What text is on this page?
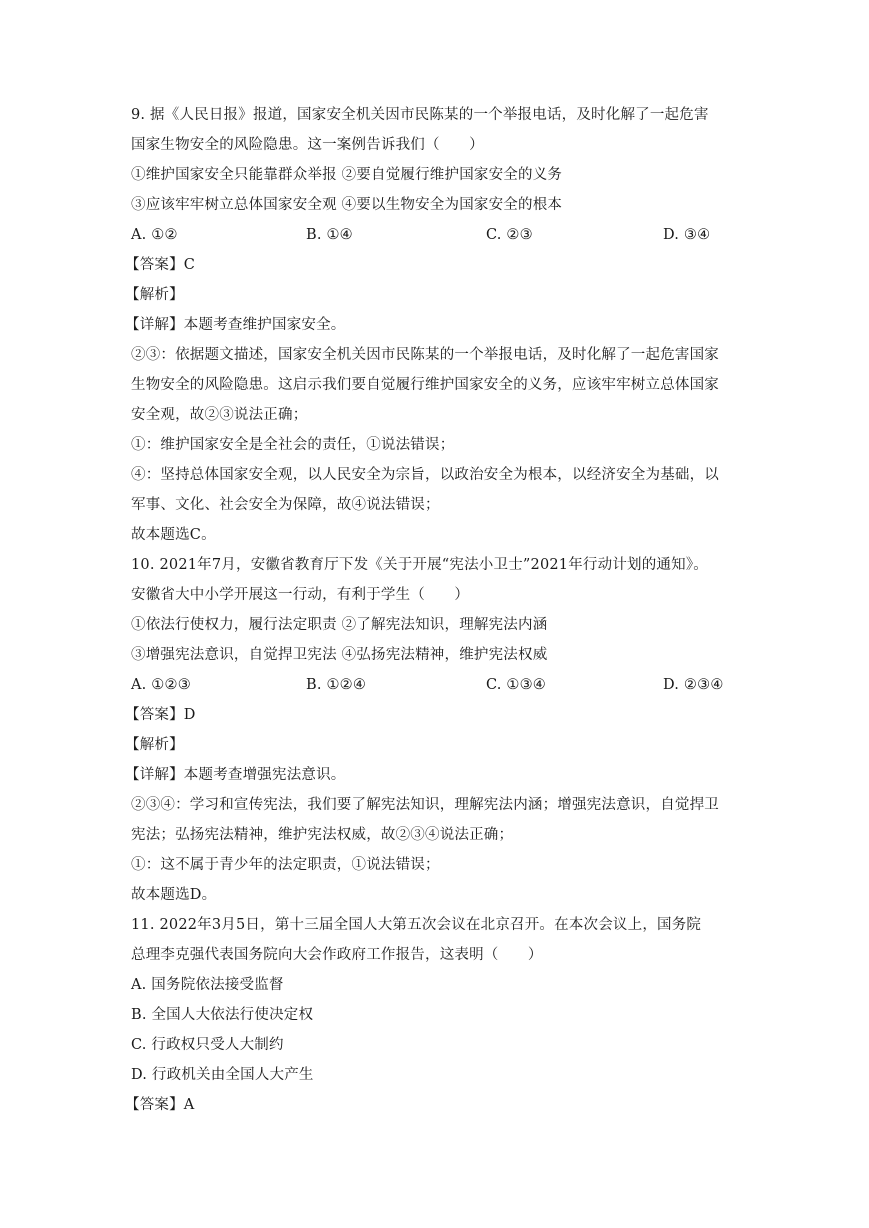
9. 据《人民日报》报道，国家安全机关因市民陈某的一个举报电话，及时化解了一起危害
国家生物安全的风险隐患。这一案例告诉我们（　　）
①维护国家安全只能靠群众举报 ②要自觉履行维护国家安全的义务
③应该牢牢树立总体国家安全观 ④要以生物安全为国家安全的根本
A. ①②	B. ①④	C. ②③	D. ③④
【答案】C
【解析】
【详解】本题考查维护国家安全。
②③：依据题文描述，国家安全机关因市民陈某的一个举报电话，及时化解了一起危害国家
生物安全的风险隐患。这启示我们要自觉履行维护国家安全的义务，应该牢牢树立总体国家
安全观，故②③说法正确；
①：维护国家安全是全社会的责任，①说法错误；
④：坚持总体国家安全观，以人民安全为宗旨，以政治安全为根本，以经济安全为基础，以
军事、文化、社会安全为保障，故④说法错误；
故本题选C。
10. 2021年7月，安徽省教育厅下发《关于开展“宪法小卫士”2021年行动计划的通知》。
安徽省大中小学开展这一行动，有利于学生（　　）
①依法行使权力，履行法定职责 ②了解宪法知识，理解宪法内涵
③增强宪法意识，自觉捍卫宪法 ④弘扬宪法精神，维护宪法权威
A. ①②③	B. ①②④	C. ①③④	D. ②③④
【答案】D
【解析】
【详解】本题考查增强宪法意识。
②③④：学习和宣传宪法，我们要了解宪法知识，理解宪法内涵；增强宪法意识，自觉捍卫
宪法；弘扬宪法精神，维护宪法权威，故②③④说法正确；
①：这不属于青少年的法定职责，①说法错误；
故本题选D。
11. 2022年3月5日，第十三届全国人大第五次会议在北京召开。在本次会议上，国务院
总理李克强代表国务院向大会作政府工作报告，这表明（　　）
A. 国务院依法接受监督
B. 全国人大依法行使决定权
C. 行政权只受人大制约
D. 行政机关由全国人大产生
【答案】A
